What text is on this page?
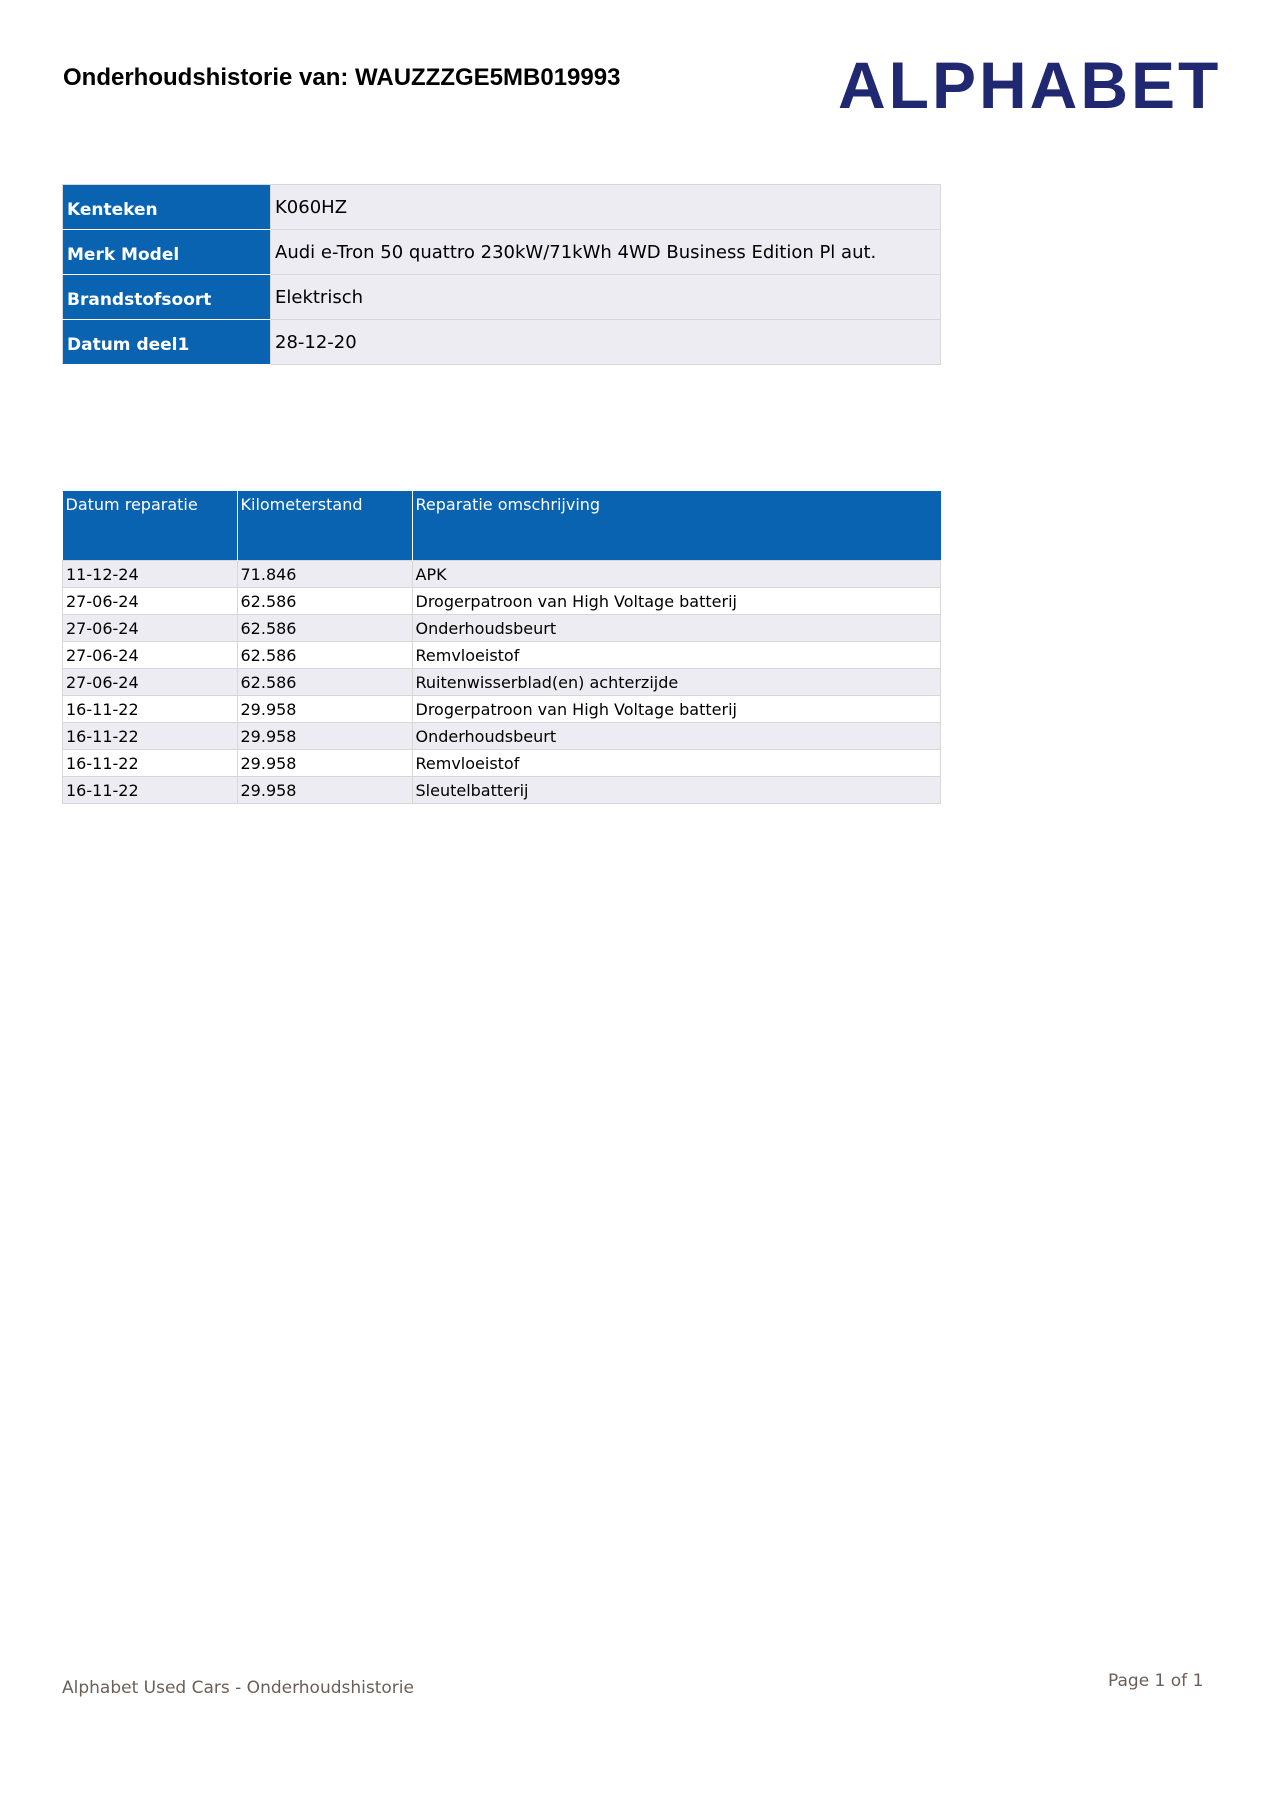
Onderhoudshistorie van: WAUZZZGE5MB019993	ALPHABET
Kenteken	K060HZ
Merk Model	Audi e-Tron 50 quattro 230kW/71kWh 4WD Business Edition Pl aut.
Brandstofsoort	Elektrisch
Datum deel1	28-12-20
Datum reparatie	Kilometerstand	Reparatie omschrijving
11-12-24	71.846	APK
27-06-24	62.586	Drogerpatroon van High Voltage batterij
27-06-24	62.586	Onderhoudsbeurt
27-06-24	62.586	Remvloeistof
27-06-24	62.586	Ruitenwisserblad(en) achterzijde
16-11-22	29.958	Drogerpatroon van High Voltage batterij
16-11-22	29.958	Onderhoudsbeurt
16-11-22	29.958	Remvloeistof
16-11-22	29.958	Sleutelbatterij
Alphabet Used Cars - Onderhoudshistorie	Page 1 of 1
